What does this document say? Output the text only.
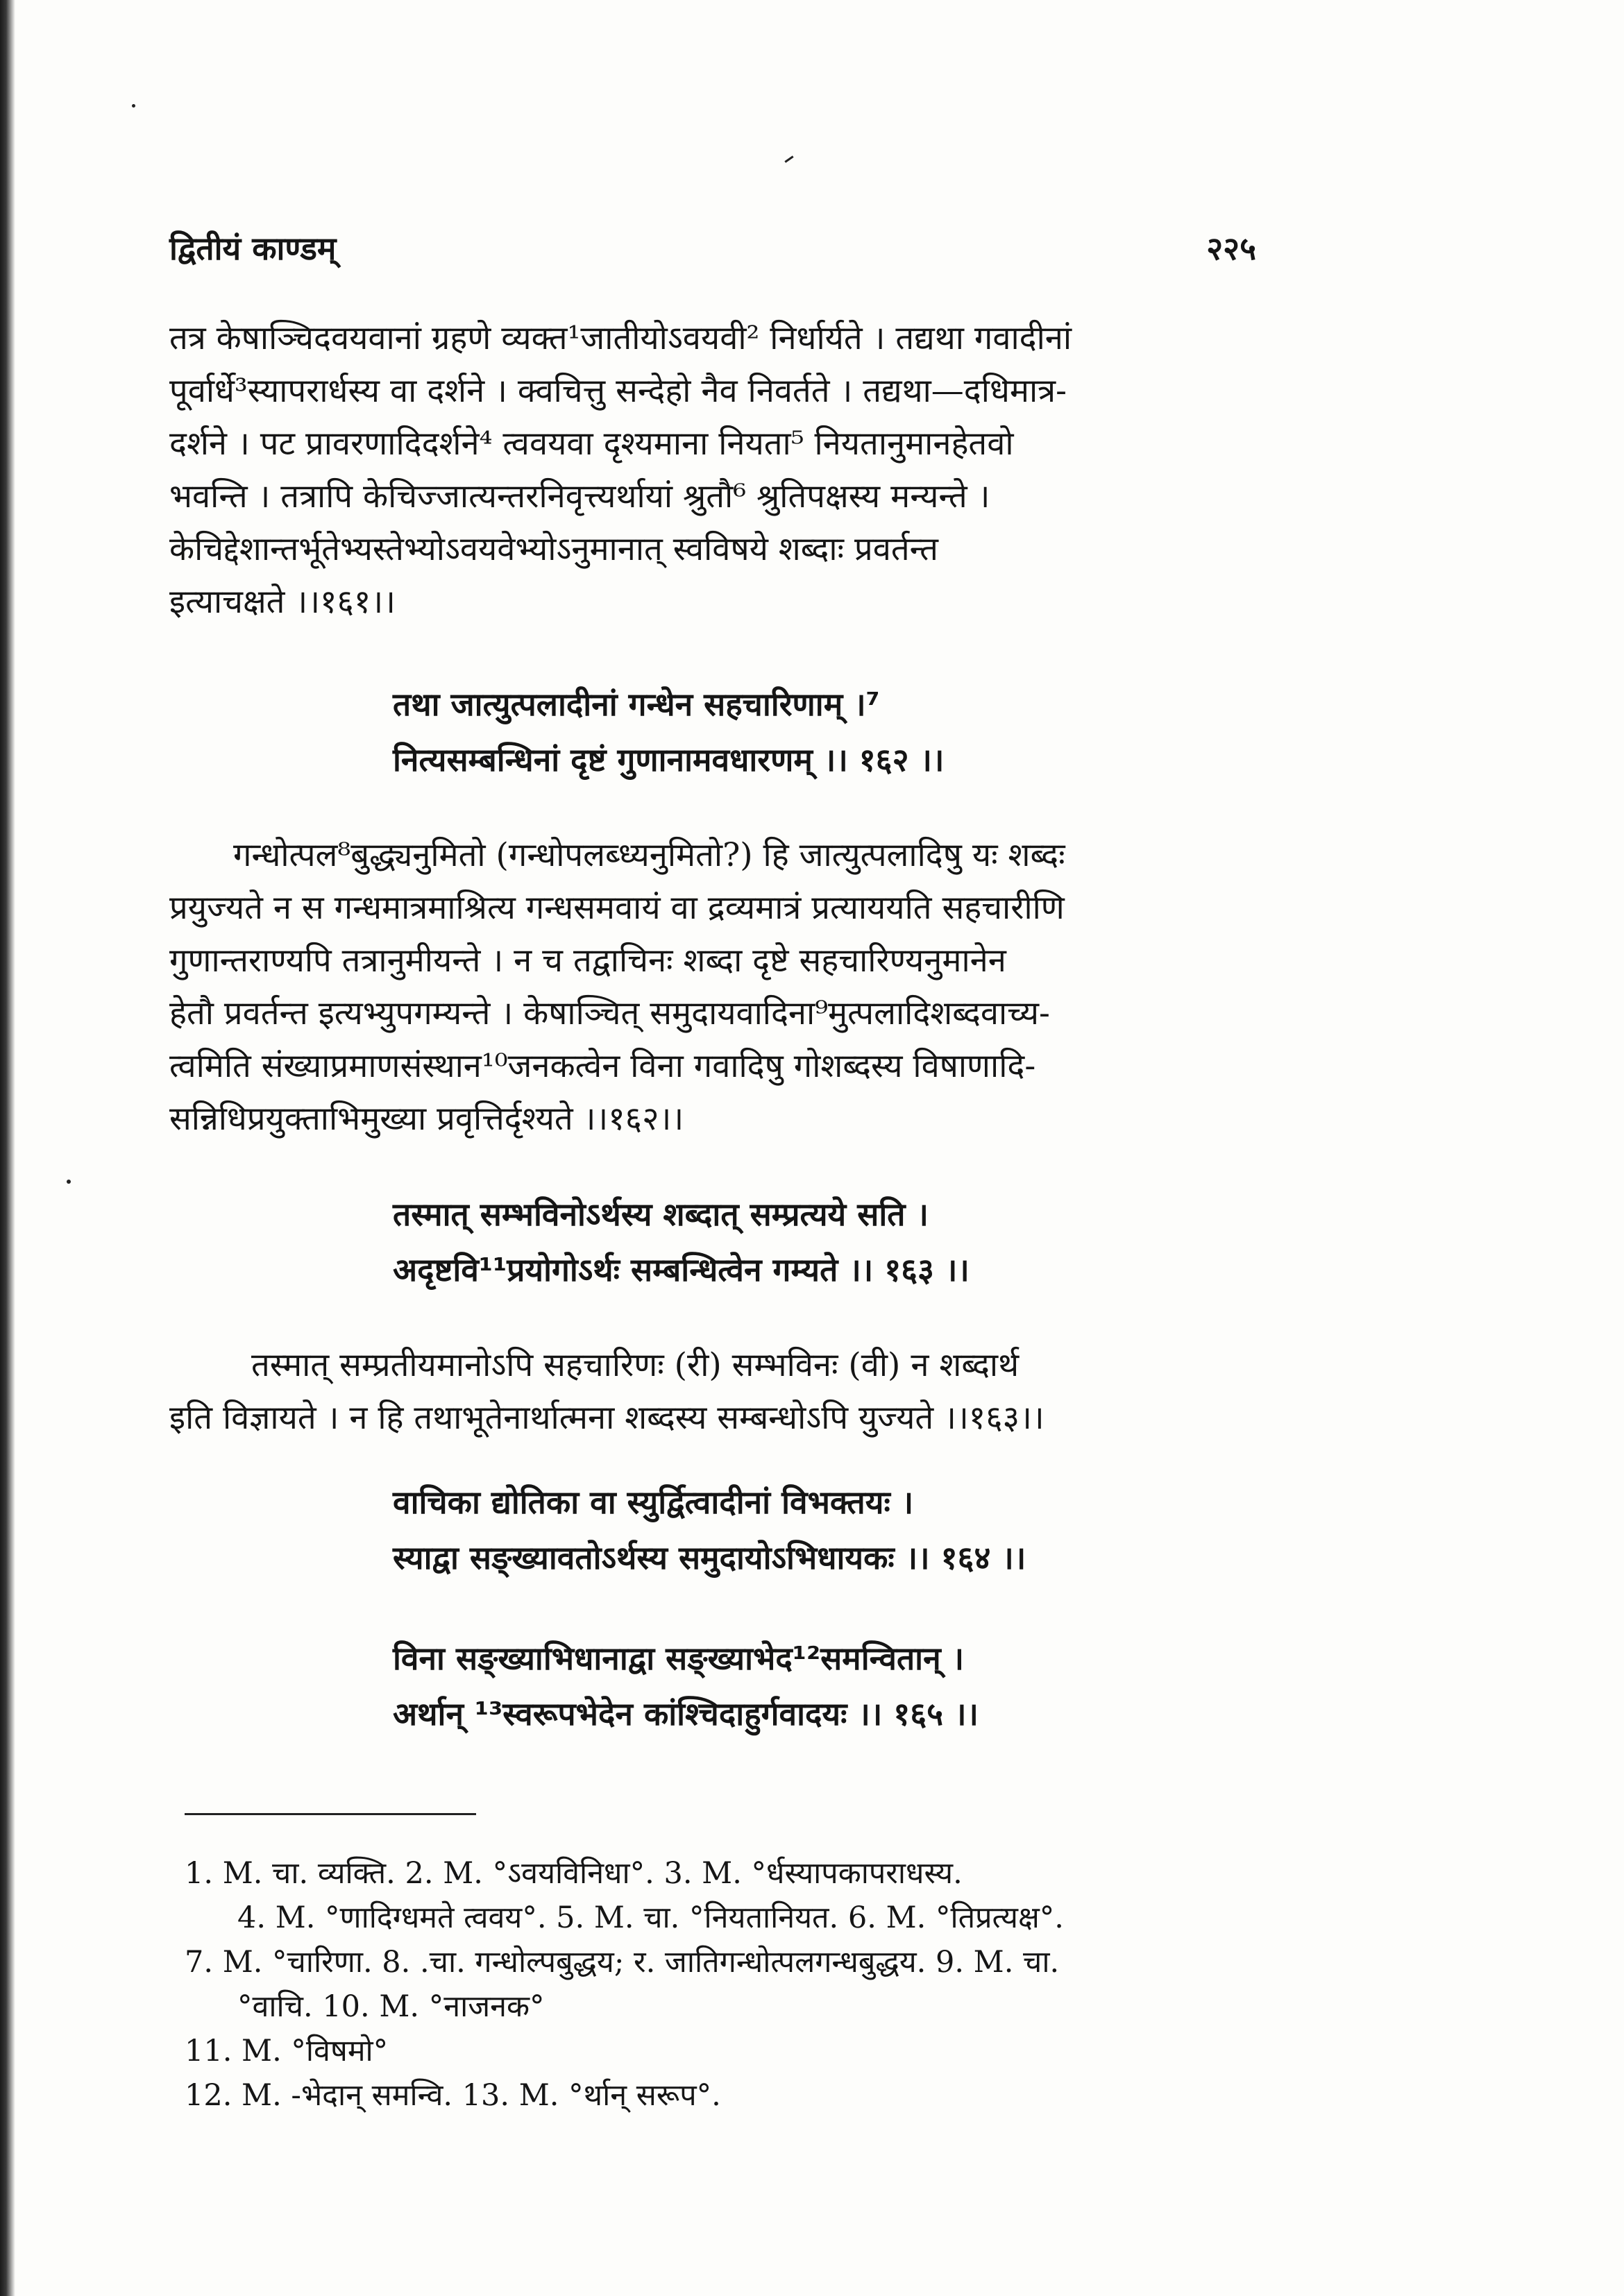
द्वितीयं काण्डम्	२२५
तत्र केषाञ्चिदवयवानां ग्रहणे व्यक्त¹जातीयोऽवयवी² निर्धार्यते । तद्यथा गवादीनां
पूर्वार्धे³स्यापरार्धस्य वा दर्शने । क्वचित्तु सन्देहो नैव निवर्तते । तद्यथा—दधिमात्र-
दर्शने । पट प्रावरणादिदर्शने⁴ त्ववयवा दृश्यमाना नियता⁵ नियतानुमानहेतवो
भवन्ति । तत्रापि केचिज्जात्यन्तरनिवृत्त्यर्थायां श्रुतौ⁶ श्रुतिपक्षस्य मन्यन्ते ।
केचिद्देशान्तर्भूतेभ्यस्तेभ्योऽवयवेभ्योऽनुमानात् स्वविषये शब्दाः प्रवर्तन्त
इत्याचक्षते ।।१६१।।
तथा जात्युत्पलादीनां गन्धेन सहचारिणाम् ।⁷
नित्यसम्बन्धिनां दृष्टं गुणानामवधारणम् ।। १६२ ।।
गन्धोत्पल⁸बुद्ध्यनुमितो (गन्धोपलब्ध्यनुमितो?) हि जात्युत्पलादिषु यः शब्दः
प्रयुज्यते न स गन्धमात्रमाश्रित्य गन्धसमवायं वा द्रव्यमात्रं प्रत्याययति सहचारीणि
गुणान्तराण्यपि तत्रानुमीयन्ते । न च तद्वाचिनः शब्दा दृष्टे सहचारिण्यनुमानेन
हेतौ प्रवर्तन्त इत्यभ्युपगम्यन्ते । केषाञ्चित् समुदायवादिना⁹मुत्पलादिशब्दवाच्य-
त्वमिति संख्याप्रमाणसंस्थान¹⁰जनकत्वेन विना गवादिषु गोशब्दस्य विषाणादि-
सन्निधिप्रयुक्ताभिमुख्या प्रवृत्तिर्दृश्यते ।।१६२।।
तस्मात् सम्भविनोऽर्थस्य शब्दात् सम्प्रत्यये सति ।
अदृष्टवि¹¹प्रयोगोऽर्थः सम्बन्धित्वेन गम्यते ।। १६३ ।।
तस्मात् सम्प्रतीयमानोऽपि सहचारिणः (री) सम्भविनः (वी) न शब्दार्थ
इति विज्ञायते । न हि तथाभूतेनार्थात्मना शब्दस्य सम्बन्धोऽपि युज्यते ।।१६३।।
वाचिका द्योतिका वा स्युर्द्वित्वादीनां विभक्तयः ।
स्याद्वा सङ्ख्यावतोऽर्थस्य समुदायोऽभिधायकः ।। १६४ ।।
विना सङ्ख्याभिधानाद्वा सङ्ख्याभेद¹²समन्वितान् ।
अर्थान् ¹³स्वरूपभेदेन कांश्चिदाहुर्गवादयः ।। १६५ ।।
1. M. चा. व्यक्ति. 2. M. °ऽवयविनिधा°. 3. M. °र्धस्यापकापराधस्य.
4. M. °णादिग्धमते त्ववय°. 5. M. चा. °नियतानियत. 6. M. °तिप्रत्यक्ष°.
7. M. °चारिणा. 8. .चा. गन्धोल्पबुद्धय; र. जातिगन्धोत्पलगन्धबुद्धय. 9. M. चा.
°वाचि. 10. M. °नाजनक°
11. M. °विषमो°
12. M. -भेदान् समन्वि. 13. M. °र्थान् सरूप°.
